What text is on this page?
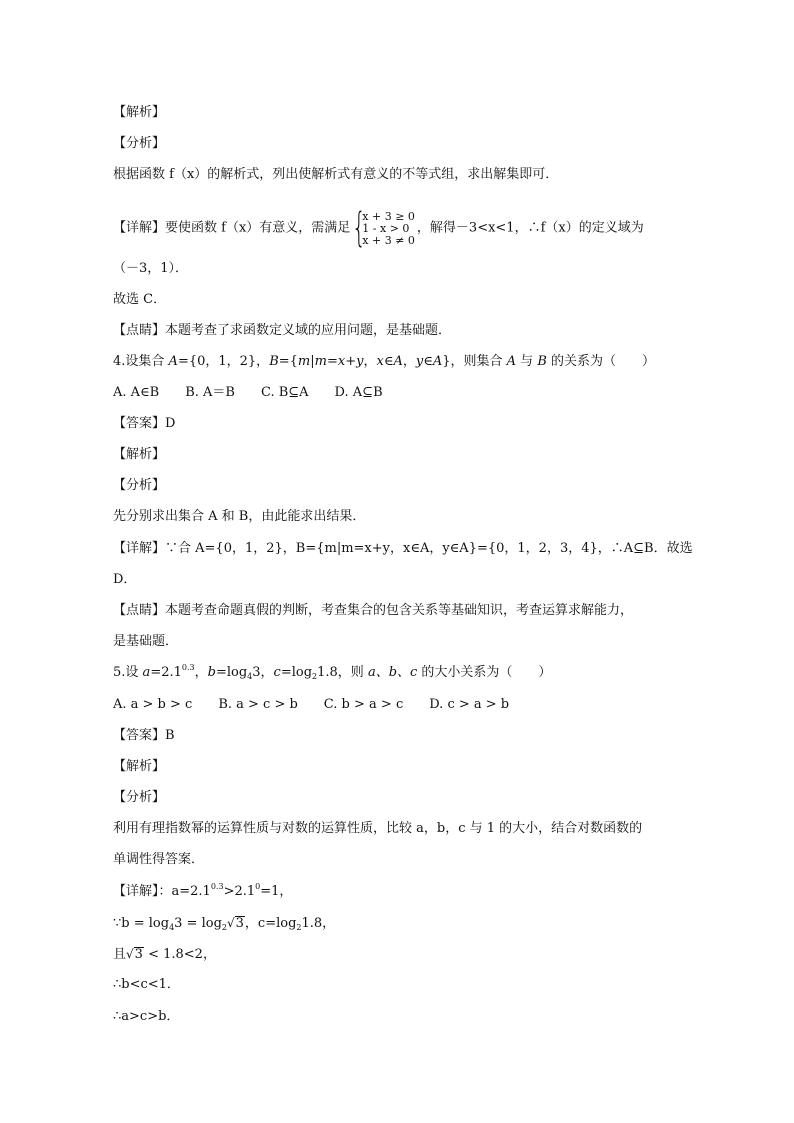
【解析】
【分析】
根据函数 f（x）的解析式，列出使解析式有意义的不等式组，求出解集即可．
【详解】要使函数 f（x）有意义，需满足 {
x + 3 ≥ 0
1 - x > 0
x + 3 ≠ 0
，解得－3<x<1，∴f（x）的定义域为
（－3，1）．
故选 C．
【点睛】本题考查了求函数定义域的应用问题，是基础题．
4.设集合 A={0，1，2}，B={m|m=x+y，x∈A，y∈A}，则集合 A 与 B 的关系为（　　）
A. A∈B　　B. A＝B　　C. B⊆A　　D. A⊆B
【答案】D
【解析】
【分析】
先分别求出集合 A 和 B，由此能求出结果．
【详解】∵合 A={0，1，2}，B={m|m=x+y，x∈A，y∈A}={0，1，2，3，4}，∴A⊆B．故选
D．
【点睛】本题考查命题真假的判断，考查集合的包含关系等基础知识，考查运算求解能力，
是基础题．
5.设 $a=2.1^{0.3}$，$b=\log_43$，$c=\log_21.8$，则 a、b、c 的大小关系为（　　）
A. a > b > c　　B. a > c > b　　C. b > a > c　　D. c > a > b
【答案】B
【解析】
【分析】
利用有理指数幂的运算性质与对数的运算性质，比较 a，b，c 与 1 的大小，结合对数函数的
单调性得答案．
【详解】：$a=2.1^{0.3}>2.1^0=1$，
∵b = $\log_43 = \log_2√3$，$c=\log_21.8$，
且√3 < 1.8<2，
∴b<c<1．
∴a>c>b．
